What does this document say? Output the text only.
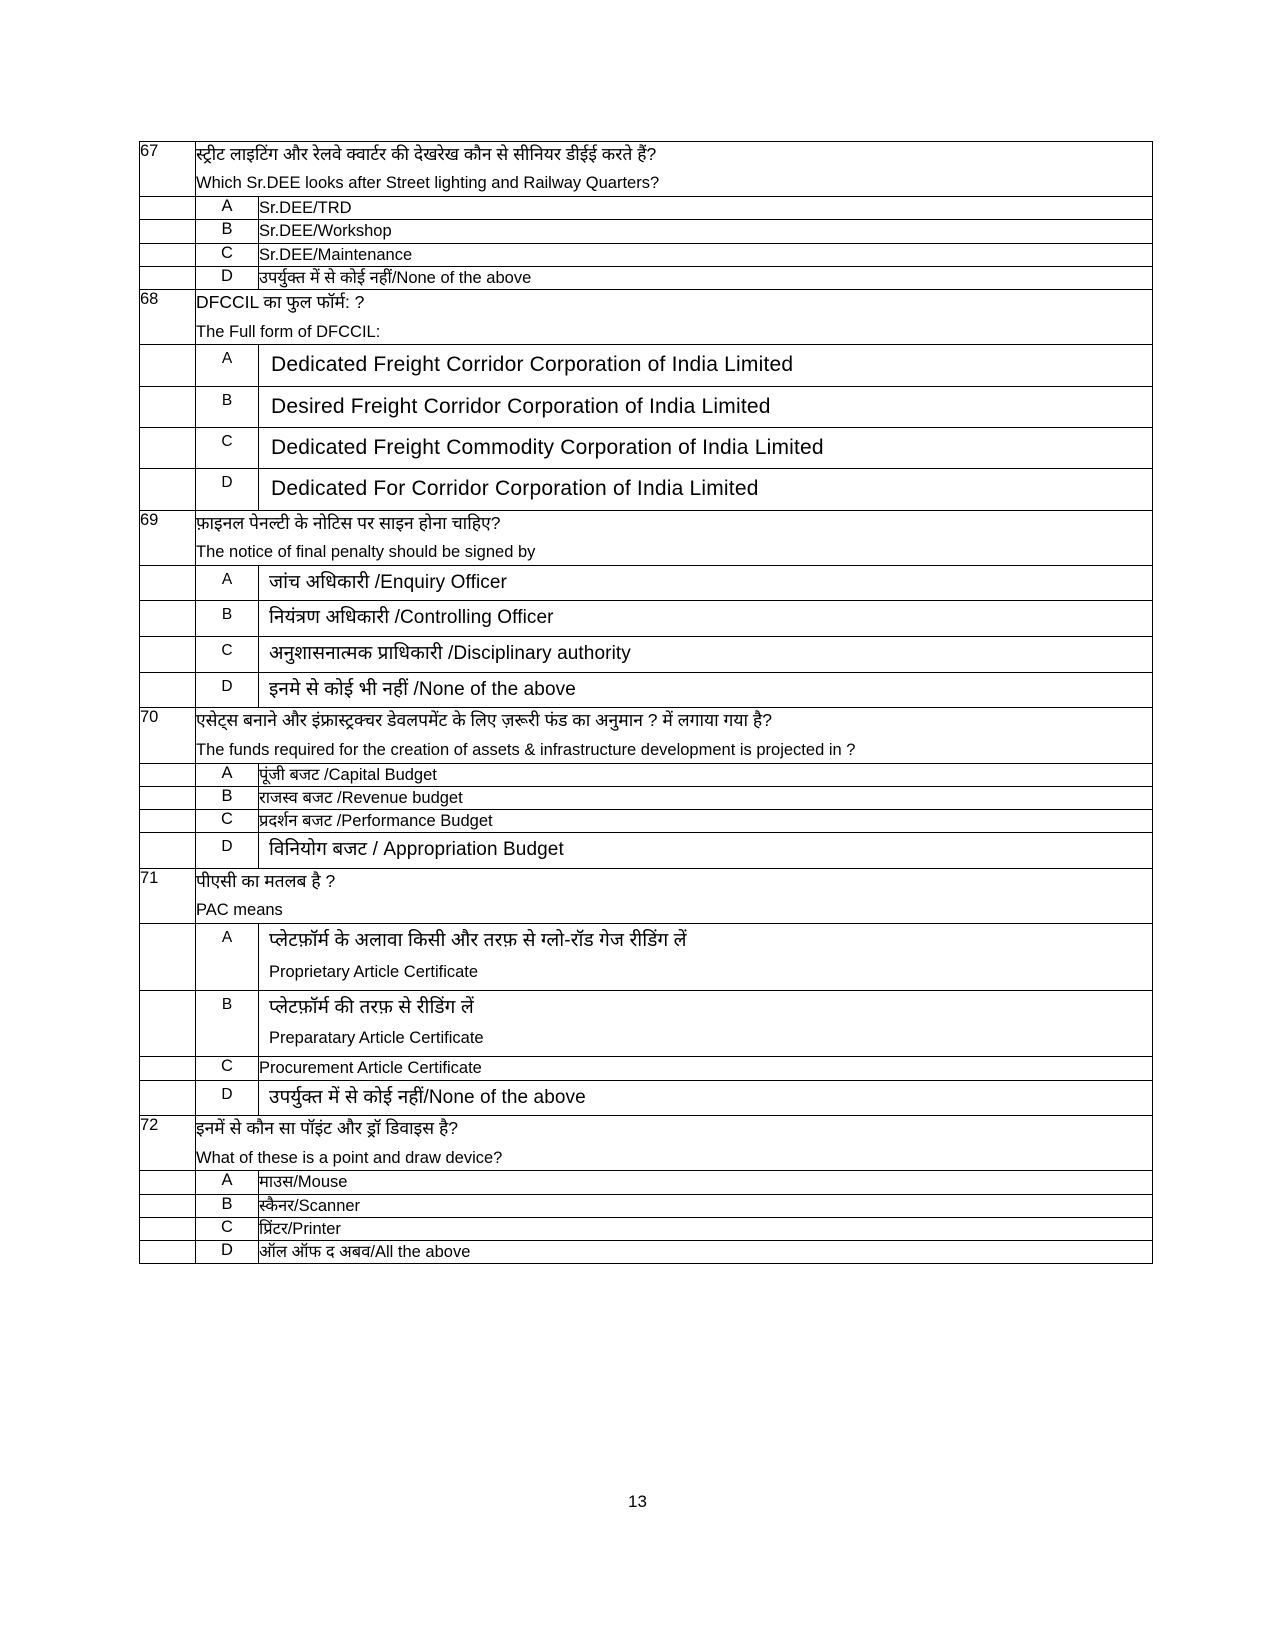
67	स्ट्रीट लाइटिंग और रेलवे क्वार्टर की देखरेख कौन से सीनियर डीईई करते हैं?
Which Sr.DEE looks after Street lighting and Railway Quarters?	

	A	Sr.DEE/TRD
	B	Sr.DEE/Workshop
	C	Sr.DEE/Maintenance
	D	उपर्युक्त में से कोई नहीं/None of the above
68	DFCCIL का फुल फॉर्म: ?
The Full form of DFCCIL:	

	A	Dedicated Freight Corridor Corporation of India Limited
	B	Desired Freight Corridor Corporation of India Limited
	C	Dedicated Freight Commodity Corporation of India Limited
	D	Dedicated For Corridor Corporation of India Limited
69	फ़ाइनल पेनल्टी के नोटिस पर साइन होना चाहिए?
The notice of final penalty should be signed by	

	A	जांच अधिकारी /Enquiry Officer
	B	नियंत्रण अधिकारी /Controlling Officer
	C	अनुशासनात्मक प्राधिकारी /Disciplinary authority
	D	इनमे से कोई भी नहीं /None of the above
70	एसेट्स बनाने और इंफ्रास्ट्रक्चर डेवलपमेंट के लिए ज़रूरी फंड का अनुमान ? में लगाया गया है?
The funds required for the creation of assets & infrastructure development is projected in ?	

	A	पूंजी बजट /Capital Budget
	B	राजस्व बजट /Revenue budget
	C	प्रदर्शन बजट /Performance Budget
	D	विनियोग बजट / Appropriation Budget
71	पीएसी का मतलब है ?
PAC means	

	A	प्लेटफ़ॉर्म के अलावा किसी और तरफ़ से ग्लो-रॉड गेज रीडिंग लें
Proprietary Article Certificate

	B	प्लेटफ़ॉर्म की तरफ़ से रीडिंग लें
Preparatary Article Certificate

	C	Procurement Article Certificate
	D	उपर्युक्त में से कोई नहीं/None of the above
72	इनमें से कौन सा पॉइंट और ड्रॉ डिवाइस है?
What of these is a point and draw device?	

	A	माउस/Mouse
	B	स्कैनर/Scanner
	C	प्रिंटर/Printer
	D	ऑल ऑफ द अबव/All the above
13
